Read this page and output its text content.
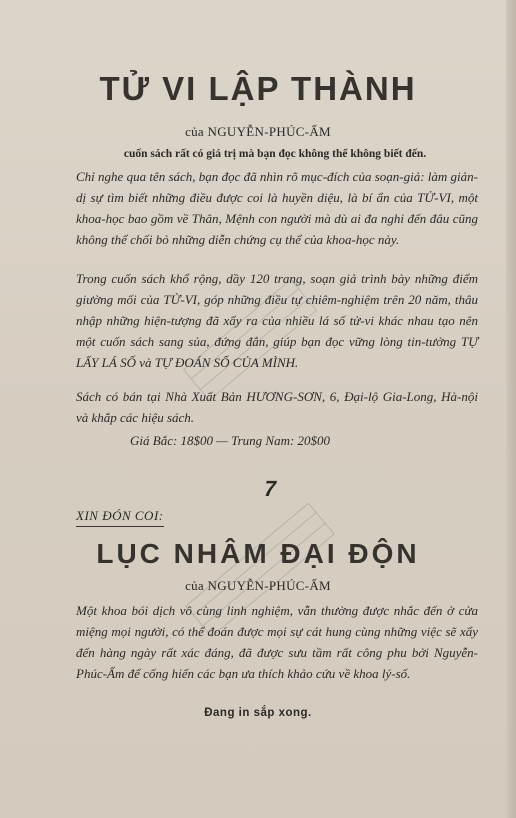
TỬ VI LẬP THÀNH
của NGUYỄN-PHÚC-ẤM
cuốn sách rất có giá trị mà bạn đọc không thể không biết đến.

Chỉ nghe qua tên sách, bạn đọc đã nhìn rõ mục-đích của soạn-giả: làm giản-dị sự tìm biết những điều được coi là huyền diệu, là bí ẩn của TỬ-VI, một khoa-học bao gồm về Thân, Mệnh con người mà dù ai đa nghi đến đâu cũng không thể chối bỏ những diễn chứng cụ thể của khoa-học này.

Trong cuốn sách khổ rộng, dầy 120 trang, soạn giả trình bày những điểm giường mối của TỬ-VI, góp những điều tự chiêm-nghiệm trên 20 năm, thâu nhập những hiện-tượng đã xẩy ra của nhiều lá số tử-vi khác nhau tạo nên một cuốn sách sang sủa, đứng đắn, giúp bạn đọc vững lòng tin-tưởng TỰ LẤY LÁ SỐ và TỰ ĐOÁN SỐ CỦA MÌNH.

Sách có bán tại Nhà Xuất Bản HƯƠNG-SƠN, 6, Đại-lộ Gia-Long, Hà-nội và khắp các hiệu sách.

Giá Bắc: 18$00 — Trung Nam: 20$00
7
XIN ĐÓN COI:
LỤC NHÂM ĐẠI ĐỘN
của NGUYỄN-PHÚC-ẤM

Một khoa bói dịch vô cùng linh nghiệm, vẫn thường được nhắc đến ở cửa miệng mọi người, có thể đoán được mọi sự cát hung cùng những việc sẽ xẩy đến hàng ngày rất xác đáng, đã được sưu tầm rất công phu bởi Nguyễn-Phúc-Ấm để cống hiến các bạn ưa thích khảo cứu về khoa lý-số.

Đang in sắp xong.
